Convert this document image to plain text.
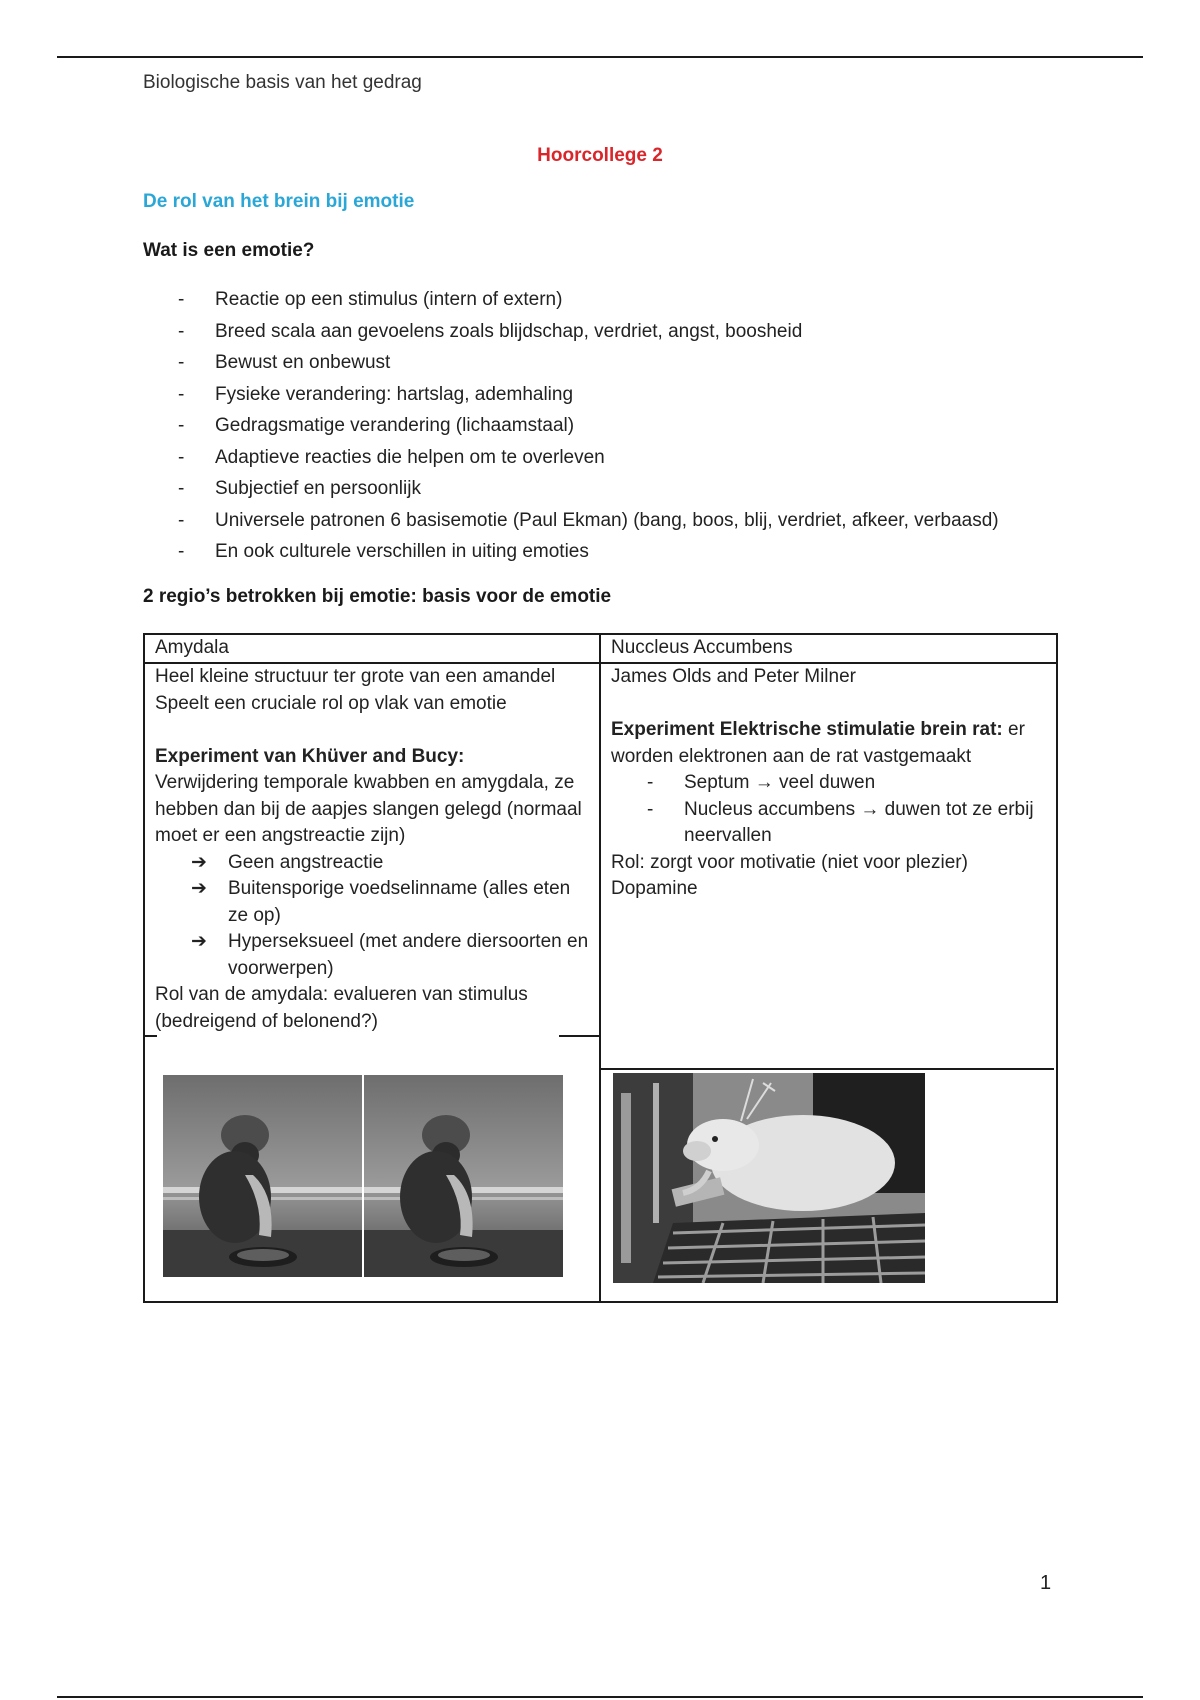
Biologische basis van het gedrag
Hoorcollege 2
De rol van het brein bij emotie
Wat is een emotie?
- Reactie op een stimulus (intern of extern)
- Breed scala aan gevoelens zoals blijdschap, verdriet, angst, boosheid
- Bewust en onbewust
- Fysieke verandering: hartslag, ademhaling
- Gedragsmatige verandering (lichaamstaal)
- Adaptieve reacties die helpen om te overleven
- Subjectief en persoonlijk
- Universele patronen 6 basisemotie (Paul Ekman) (bang, boos, blij, verdriet, afkeer, verbaasd)
- En ook culturele verschillen in uiting emoties
2 regio’s betrokken bij emotie: basis voor de emotie
Amydala

Heel kleine structuur ter grote van een amandel

Speelt een cruciale rol op vlak van emotie

Experiment van Khüver and Bucy:

Verwijdering temporale kwabben en amygdala, ze hebben dan bij de aapjes slangen gelegd (normaal moet er een angstreactie zijn)

➔ Geen angstreactie

➔ Buitensporige voedselinname (alles eten ze op)

➔ Hyperseksueel (met andere diersoorten en voorwerpen)

Rol van de amydala: evalueren van stimulus (bedreigend of belonend?)

Nuccleus Accumbens

James Olds and Peter Milner

Experiment Elektrische stimulatie brein rat: er worden elektronen aan de rat vastgemaakt

- Septum → veel duwen

- Nucleus accumbens → duwen tot ze erbij neervallen

Rol: zorgt voor motivatie (niet voor plezier)

Dopamine

1
